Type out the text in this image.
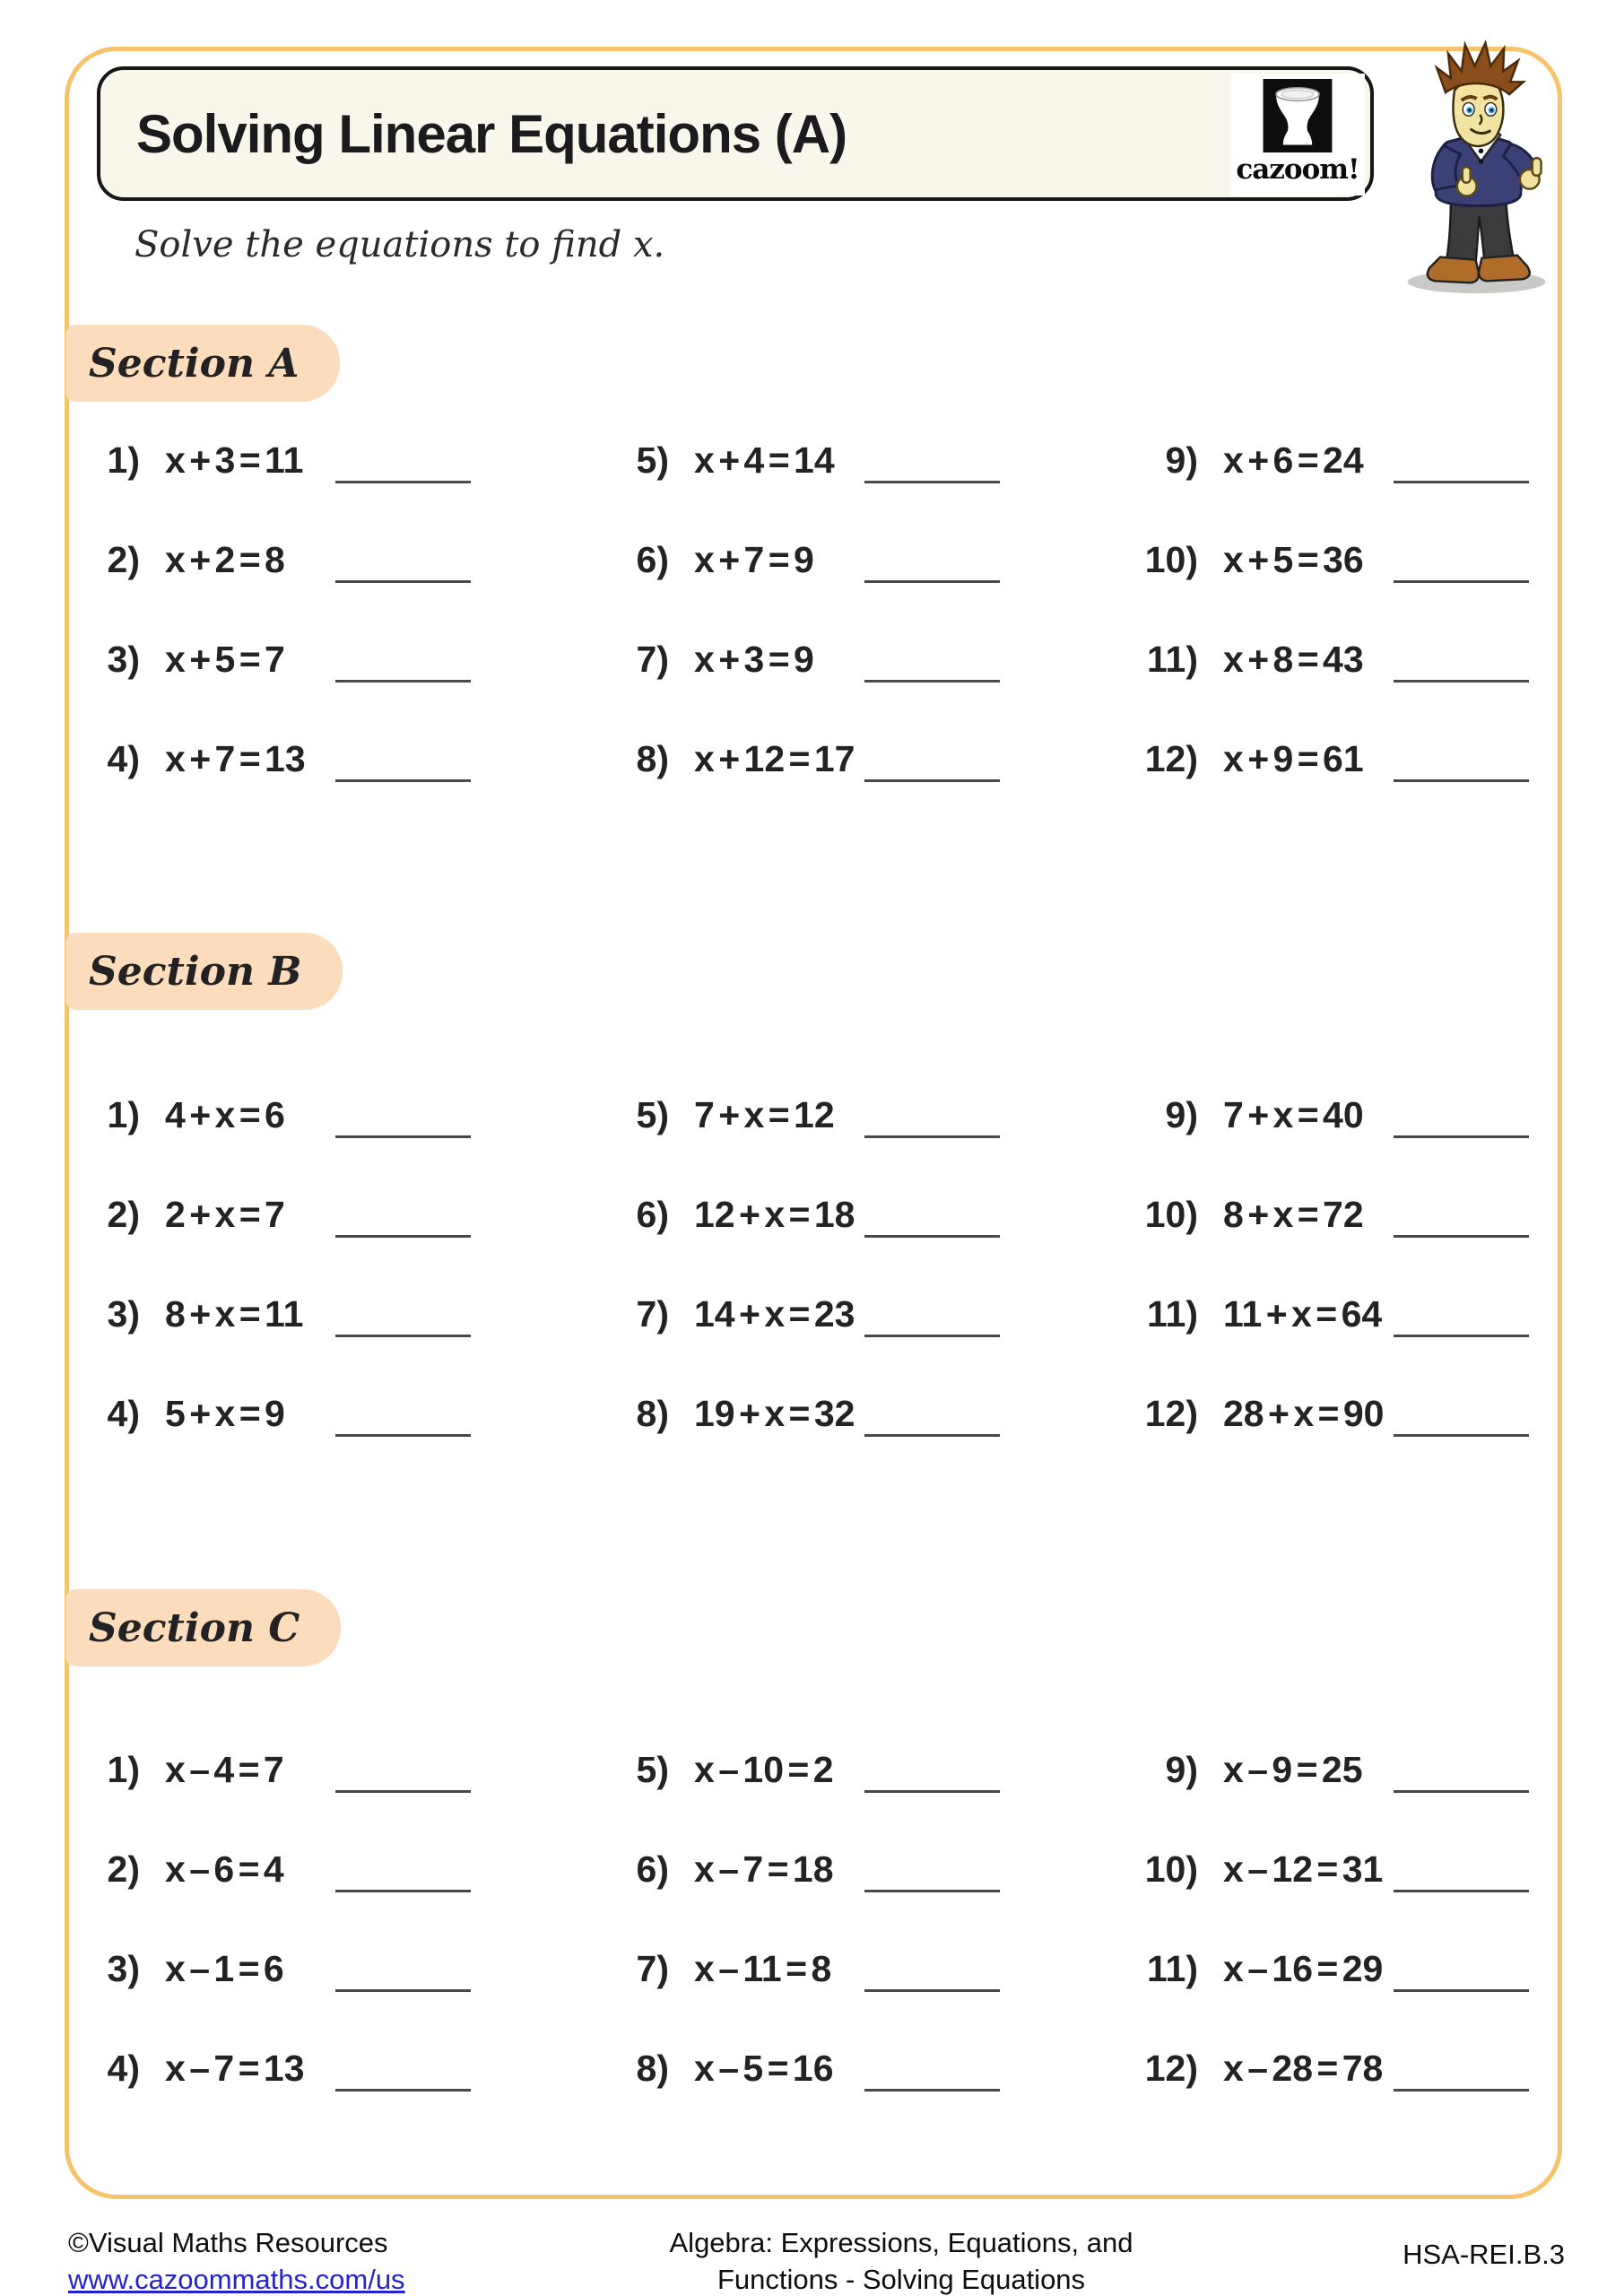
Solving Linear Equations (A)
cazoom!
Solve the equations to find x.
Section A
1) x + 3 = 11
2) x + 2 = 8
3) x + 5 = 7
4) x + 7 = 13
5) x + 4 = 14
6) x + 7 = 9
7) x + 3 = 9
8) x + 12 = 17
9) x + 6 = 24
10) x + 5 = 36
11) x + 8 = 43
12) x + 9 = 61
Section B
1) 4 + x = 6
2) 2 + x = 7
3) 8 + x = 11
4) 5 + x = 9
5) 7 + x = 12
6) 12 + x = 18
7) 14 + x = 23
8) 19 + x = 32
9) 7 + x = 40
10) 8 + x = 72
11) 11 + x = 64
12) 28 + x = 90
Section C
1) x – 4 = 7
2) x – 6 = 4
3) x – 1 = 6
4) x – 7 = 13
5) x – 10 = 2
6) x – 7 = 18
7) x – 11 = 8
8) x – 5 = 16
9) x – 9 = 25
10) x – 12 = 31
11) x – 16 = 29
12) x – 28 = 78
©Visual Maths Resources
www.cazoommaths.com/us
Algebra: Expressions, Equations, and
Functions - Solving Equations
HSA-REI.B.3
